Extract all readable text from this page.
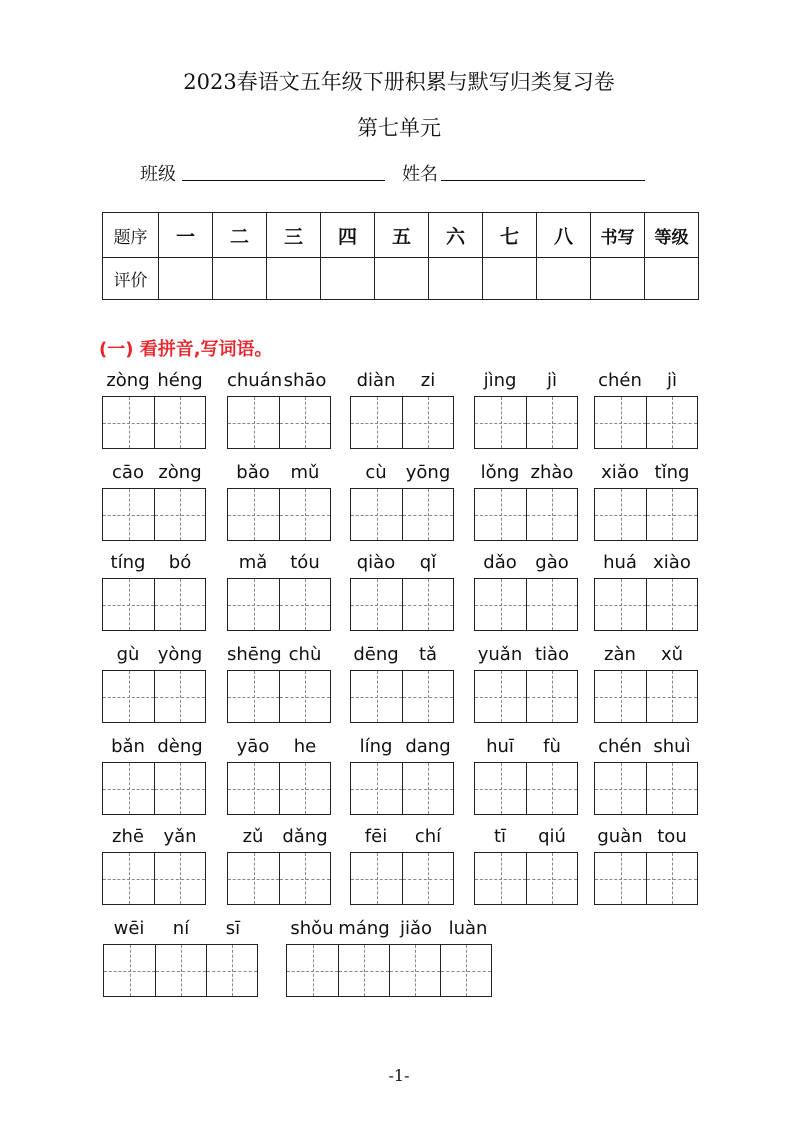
2023春语文五年级下册积累与默写归类复习卷
第七单元
班级	姓名
题序	一	二	三	四	五	六	七	八	书写	等级
评价										
(一) 看拼音,写词语。
zòng héng chuánshāo	diàn zi	jìng jì	chén jì
cāo zòng	bǎo mǔ	cù yōng	lǒng zhào	xiǎo tǐng
tíng bó	mǎ tóu	qiào qǐ	dǎo gào	huá xiào
gù yòng shēng chù	dēng tǎ	yuǎn tiào	zàn xǔ
bǎn dèng	yāo he	líng dang	huī fù	chén shuì
zhē yǎn	zǔ dǎng	fēi chí	tī qiú	guàn tou
wēi ní sī	shǒu máng jiǎo luàn
-1-
